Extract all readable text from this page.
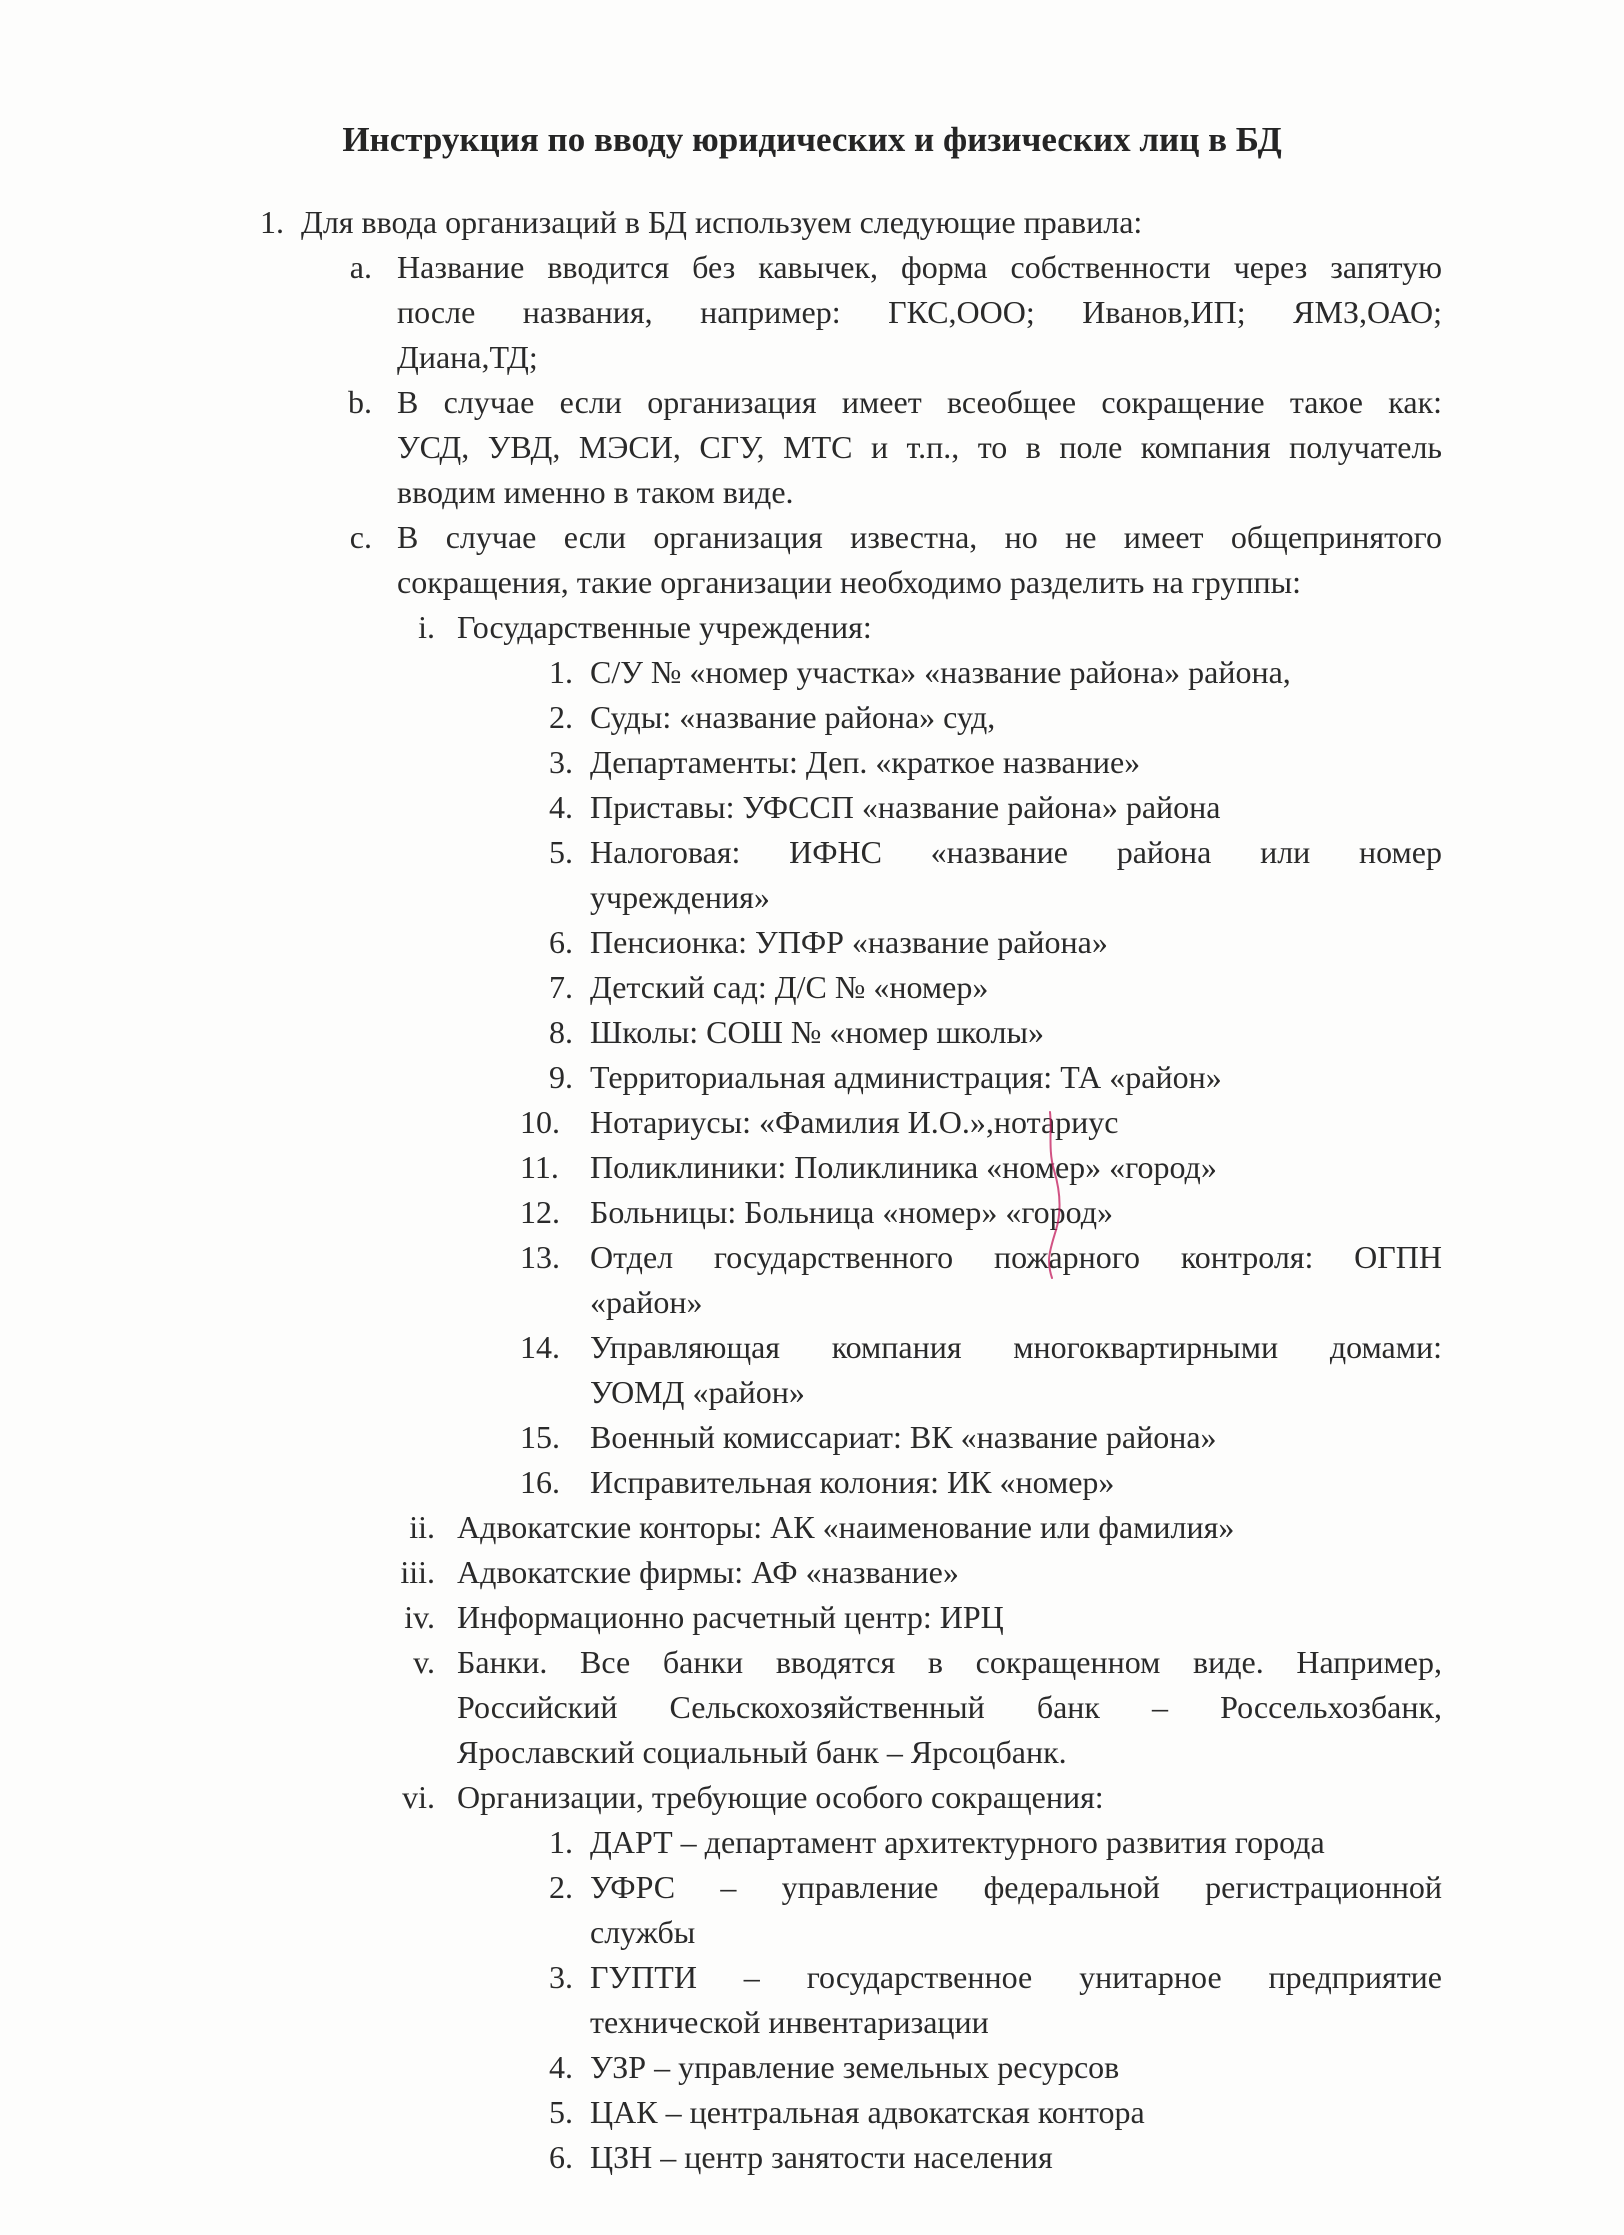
Инструкция по вводу юридических и физических лиц в БД
1. Для ввода организаций в БД используем следующие правила:
a. Название вводится без кавычек, форма собственности через запятую
после названия, например: ГКС,ООО; Иванов,ИП; ЯМЗ,ОАО;
Диана,ТД;
b. В случае если организация имеет всеобщее сокращение такое как:
УСД, УВД, МЭСИ, СГУ, МТС и т.п., то в поле компания получатель
вводим именно в таком виде.
c. В случае если организация известна, но не имеет общепринятого
сокращения, такие организации необходимо разделить на группы:
i. Государственные учреждения:
1. С/У № «номер участка» «название района» района,
2. Суды: «название района» суд,
3. Департаменты: Деп. «краткое название»
4. Приставы: УФССП «название района» района
5. Налоговая: ИФНС «название района или номер
учреждения»
6. Пенсионка: УПФР «название района»
7. Детский сад: Д/С № «номер»
8. Школы: СОШ № «номер школы»
9. Территориальная администрация: ТА «район»
10. Нотариусы: «Фамилия И.О.»,нотариус
11. Поликлиники: Поликлиника «номер» «город»
12. Больницы: Больница «номер» «город»
13. Отдел государственного пожарного контроля: ОГПН
«район»
14. Управляющая компания многоквартирными домами:
УОМД «район»
15. Военный комиссариат: ВК «название района»
16. Исправительная колония: ИК «номер»
ii. Адвокатские конторы: АК «наименование или фамилия»
iii. Адвокатские фирмы: АФ «название»
iv. Информационно расчетный центр: ИРЦ
v. Банки. Все банки вводятся в сокращенном виде. Например,
Российский Сельскохозяйственный банк – Россельхозбанк,
Ярославский социальный банк – Ярсоцбанк.
vi. Организации, требующие особого сокращения:
1. ДАРТ – департамент архитектурного развития города
2. УФРС – управление федеральной регистрационной
службы
3. ГУПТИ – государственное унитарное предприятие
технической инвентаризации
4. УЗР – управление земельных ресурсов
5. ЦАК – центральная адвокатская контора
6. ЦЗН – центр занятости населения
